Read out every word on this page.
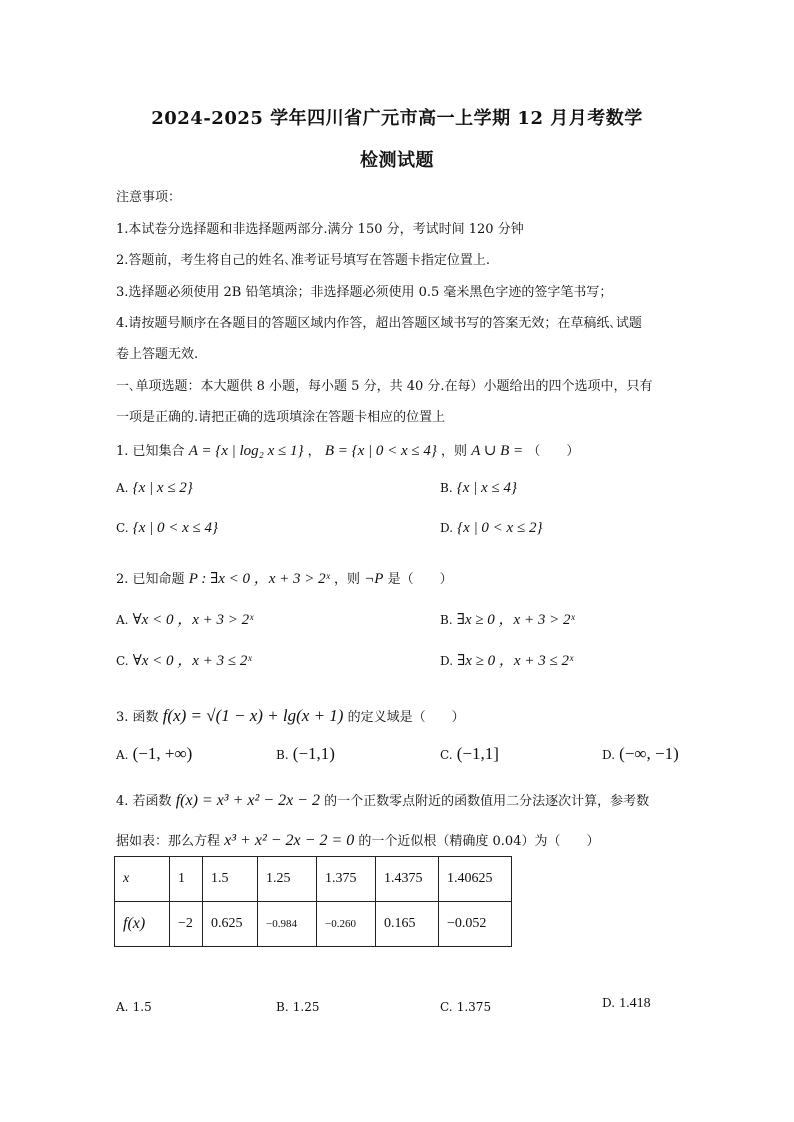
2024-2025 学年四川省广元市高一上学期 12 月月考数学
检测试题
注意事项：
1.本试卷分选择题和非选择题两部分.满分 150 分，考试时间 120 分钟
2.答题前，考生将自己的姓名､准考证号填写在答题卡指定位置上.
3.选择题必须使用 2B 铅笔填涂；非选择题必须使用 0.5 毫米黑色字迹的签字笔书写；
4.请按题号顺序在各题目的答题区域内作答，超出答题区域书写的答案无效；在草稿纸､试题
卷上答题无效.
一､单项选题：本大题供 8 小题，每小题 5 分，共 40 分.在每）小题给出的四个选项中，只有
一项是正确的.请把正确的选项填涂在答题卡相应的位置上
1. 已知集合 A = {x | log₂ x ≤ 1} ， B = {x | 0 < x ≤ 4} ，则 A ∪ B = （　　）
A. {x | x ≤ 2}	B. {x | x ≤ 4}
C. {x | 0 < x ≤ 4}	D. {x | 0 < x ≤ 2}
2. 已知命题 P : ∃x < 0 ，x + 3 > 2ˣ ，则 ¬P 是（　　）
A. ∀x < 0 ，x + 3 > 2ˣ	B. ∃x ≥ 0 ，x + 3 > 2ˣ
C. ∀x < 0 ，x + 3 ≤ 2ˣ	D. ∃x ≥ 0 ，x + 3 ≤ 2ˣ
3. 函数 f(x) = √(1 − x) + lg(x + 1) 的定义域是（　　）
A. (−1, +∞)	B. (−1,1)	C. (−1,1]	D. (−∞, −1)
4. 若函数 f(x) = x³ + x² − 2x − 2 的一个正数零点附近的函数值用二分法逐次计算，参考数
据如表：那么方程 x³ + x² − 2x − 2 = 0 的一个近似根（精确度 0.04）为（　　）
x	1	1.5	1.25	1.375	1.4375	1.40625
f(x)	−2	0.625	−0.984	−0.260	0.165	−0.052
A. 1.5	B. 1.25	C. 1.375	D. 1.418
